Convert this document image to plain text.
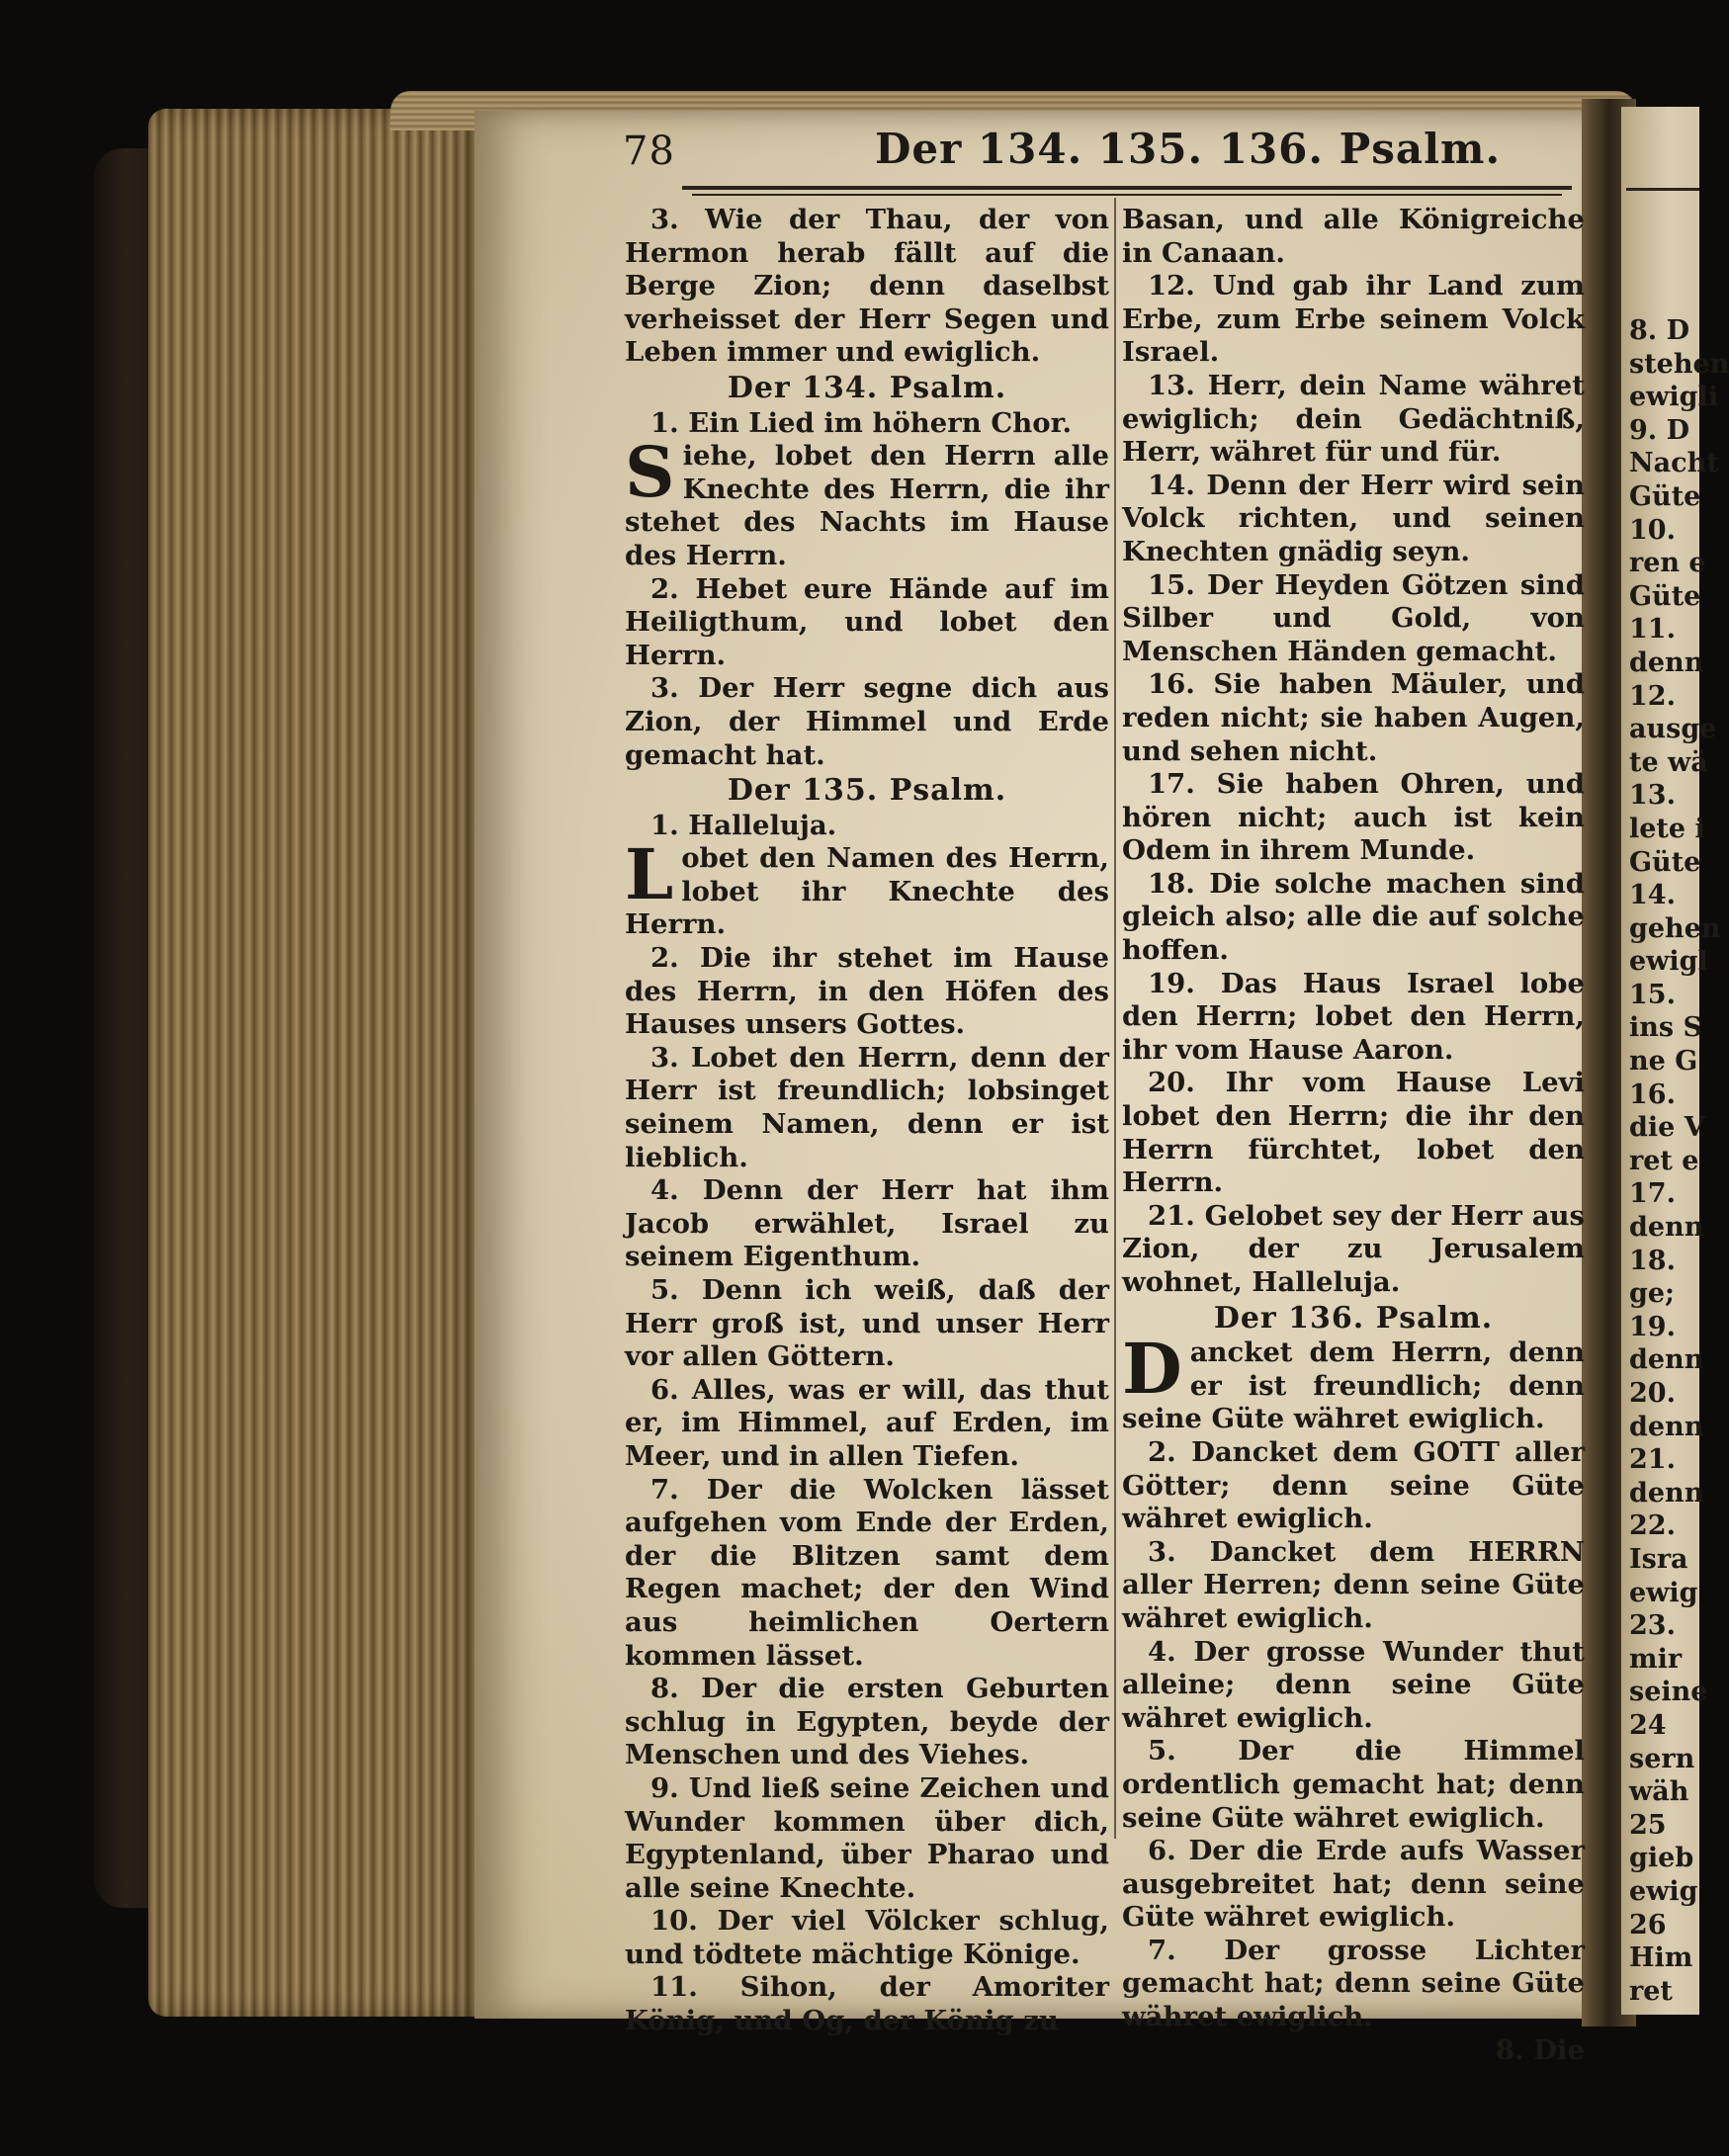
8. D
stehen
ewigli
9. D
Nacht
Güte
10.
ren e
Güte
11.
denn
12.
ausge
te wä
13.
lete i
Güte
14.
gehen
ewigl
15.
ins S
ne G
16.
die V
ret e
17.
denn
18.
ge;
19.
denn
20.
denn
21.
denn
22.
Isra
ewig
23.
mir
seine
24
sern
wäh
25
gieb
ewig
26
Him
ret
78	Der 134. 135. 136. Psalm.

3. Wie der Thau, der von Hermon herab fällt auf die Berge Zion; denn daselbst verheisset der Herr Segen und Leben immer und ewiglich.

Der 134. Psalm.

1. Ein Lied im höhern Chor.

Siehe, lobet den Herrn alle Knechte des Herrn, die ihr stehet des Nachts im Hause des Herrn.

2. Hebet eure Hände auf im Heiligthum, und lobet den Herrn.

3. Der Herr segne dich aus Zion, der Himmel und Erde gemacht hat.

Der 135. Psalm.

1. Halleluja.

Lobet den Namen des Herrn, lobet ihr Knechte des Herrn.

2. Die ihr stehet im Hause des Herrn, in den Höfen des Hauses unsers Gottes.

3. Lobet den Herrn, denn der Herr ist freundlich; lobsinget seinem Namen, denn er ist lieblich.

4. Denn der Herr hat ihm Jacob erwählet, Israel zu seinem Eigenthum.

5. Denn ich weiß, daß der Herr groß ist, und unser Herr vor allen Göttern.

6. Alles, was er will, das thut er, im Himmel, auf Erden, im Meer, und in allen Tiefen.

7. Der die Wolcken lässet aufgehen vom Ende der Erden, der die Blitzen samt dem Regen machet; der den Wind aus heimlichen Oertern kommen lässet.

8. Der die ersten Geburten schlug in Egypten, beyde der Menschen und des Viehes.

9. Und ließ seine Zeichen und Wunder kommen über dich, Egyptenland, über Pharao und alle seine Knechte.

10. Der viel Völcker schlug, und tödtete mächtige Könige.

11. Sihon, der Amoriter König, und Og, der König zu

Basan, und alle Königreiche in Canaan.

12. Und gab ihr Land zum Erbe, zum Erbe seinem Volck Israel.

13. Herr, dein Name währet ewiglich; dein Gedächtniß, Herr, währet für und für.

14. Denn der Herr wird sein Volck richten, und seinen Knechten gnädig seyn.

15. Der Heyden Götzen sind Silber und Gold, von Menschen Händen gemacht.

16. Sie haben Mäuler, und reden nicht; sie haben Augen, und sehen nicht.

17. Sie haben Ohren, und hören nicht; auch ist kein Odem in ihrem Munde.

18. Die solche machen sind gleich also; alle die auf solche hoffen.

19. Das Haus Israel lobe den Herrn; lobet den Herrn, ihr vom Hause Aaron.

20. Ihr vom Hause Levi lobet den Herrn; die ihr den Herrn fürchtet, lobet den Herrn.

21. Gelobet sey der Herr aus Zion, der zu Jerusalem wohnet, Halleluja.

Der 136. Psalm.

Dancket dem Herrn, denn er ist freundlich; denn seine Güte währet ewiglich.

2. Dancket dem GOTT aller Götter; denn seine Güte währet ewiglich.

3. Dancket dem HERRN aller Herren; denn seine Güte währet ewiglich.

4. Der grosse Wunder thut alleine; denn seine Güte währet ewiglich.

5. Der die Himmel ordentlich gemacht hat; denn seine Güte währet ewiglich.

6. Der die Erde aufs Wasser ausgebreitet hat; denn seine Güte währet ewiglich.

7. Der grosse Lichter gemacht hat; denn seine Güte währet ewiglich.

8. Die
